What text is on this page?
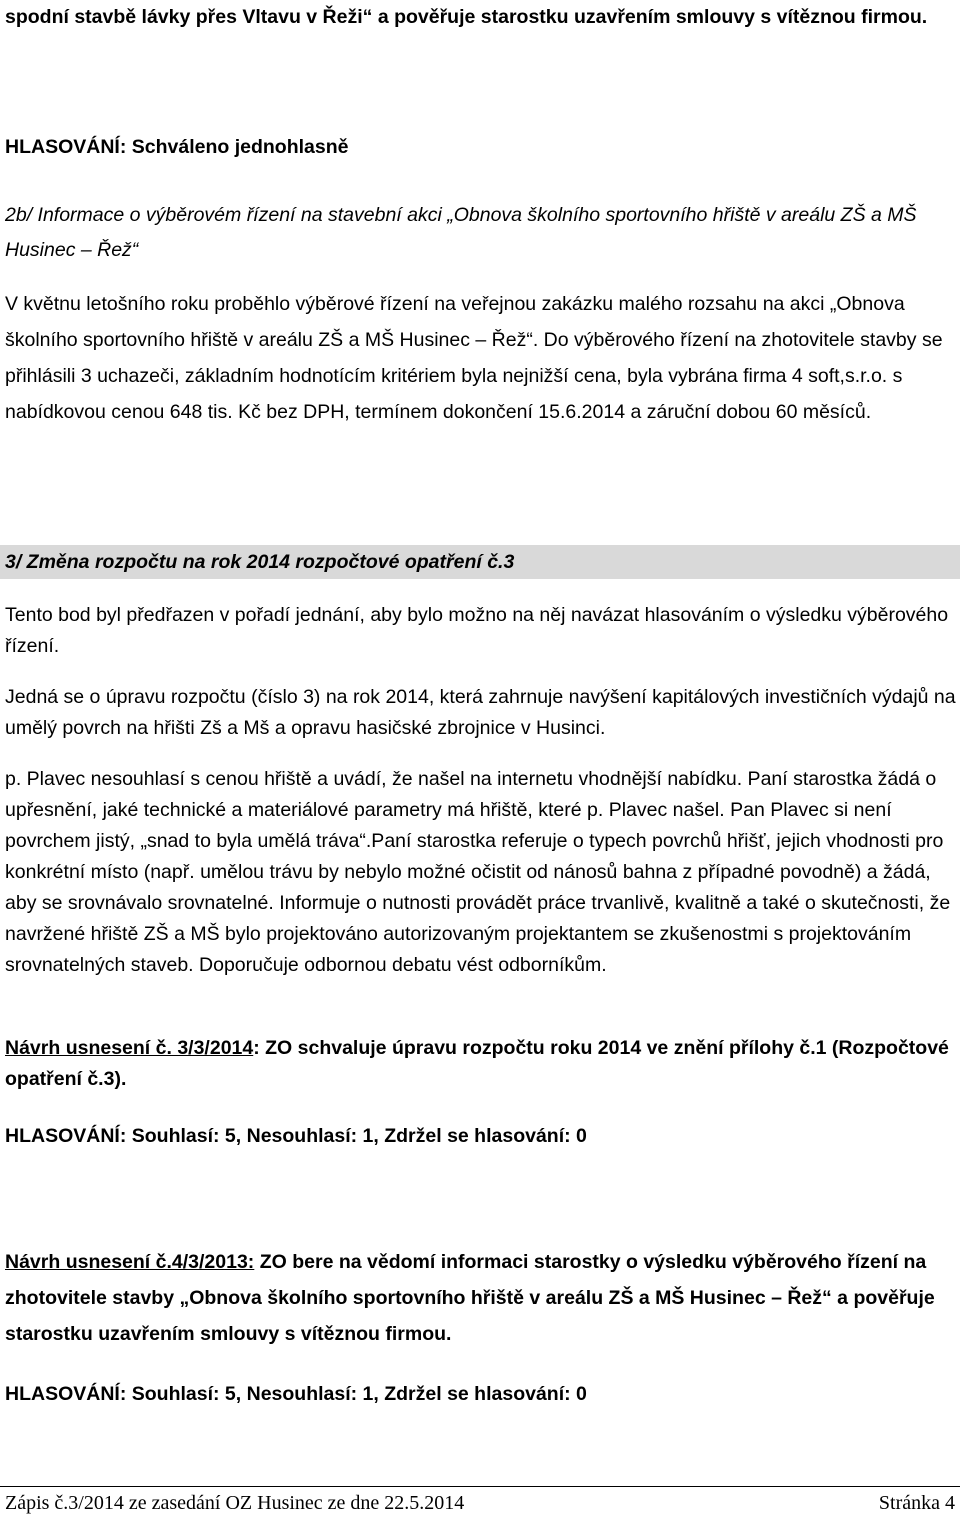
spodní stavbě lávky přes Vltavu v Řeži“ a pověřuje starostku uzavřením smlouvy s vítěznou firmou.

HLASOVÁNÍ: Schváleno jednohlasně

2b/ Informace o výběrovém řízení na stavební akci „Obnova školního sportovního hřiště v areálu ZŠ a MŠ Husinec – Řež“

V květnu letošního roku proběhlo výběrové řízení na veřejnou zakázku malého rozsahu na akci „Obnova školního sportovního hřiště v areálu ZŠ a MŠ Husinec – Řež“. Do výběrového řízení na zhotovitele stavby se přihlásili 3 uchazeči, základním hodnotícím kritériem byla nejnižší cena, byla vybrána firma 4 soft,s.r.o. s nabídkovou cenou 648 tis. Kč bez DPH, termínem dokončení 15.6.2014 a záruční dobou 60 měsíců.

3/ Změna rozpočtu na rok 2014 rozpočtové opatření č.3

Tento bod byl předřazen v pořadí jednání, aby bylo možno na něj navázat hlasováním o výsledku výběrového řízení.

Jedná se o úpravu rozpočtu (číslo 3) na rok 2014, která zahrnuje navýšení kapitálových investičních výdajů na umělý povrch na hřišti Zš a Mš a opravu hasičské zbrojnice v Husinci.

p. Plavec nesouhlasí s cenou hřiště a uvádí, že našel na internetu vhodnější nabídku. Paní starostka žádá o upřesnění, jaké technické a materiálové parametry má hřiště, které p. Plavec našel. Pan Plavec si není povrchem jistý, „snad to byla umělá tráva“.Paní starostka referuje o typech povrchů hřišť, jejich vhodnosti pro konkrétní místo (např. umělou trávu by nebylo možné očistit od nánosů bahna z případné povodně) a žádá, aby se srovnávalo srovnatelné. Informuje o nutnosti provádět práce trvanlivě, kvalitně a také o skutečnosti, že navržené hřiště ZŠ a MŠ bylo projektováno autorizovaným projektantem se zkušenostmi s projektováním srovnatelných staveb. Doporučuje odbornou debatu vést odborníkům.

Návrh usnesení č. 3/3/2014: ZO schvaluje úpravu rozpočtu roku 2014 ve znění přílohy č.1 (Rozpočtové opatření č.3).

HLASOVÁNÍ: Souhlasí: 5, Nesouhlasí: 1, Zdržel se hlasování: 0

Návrh usnesení č.4/3/2013: ZO bere na vědomí informaci starostky o výsledku výběrového řízení na zhotovitele stavby „Obnova školního sportovního hřiště v areálu ZŠ a MŠ Husinec – Řež“ a pověřuje starostku uzavřením smlouvy s vítěznou firmou.

HLASOVÁNÍ: Souhlasí: 5, Nesouhlasí: 1, Zdržel se hlasování: 0

Zápis č.3/2014 ze zasedání OZ Husinec ze dne 22.5.2014	Stránka 4
